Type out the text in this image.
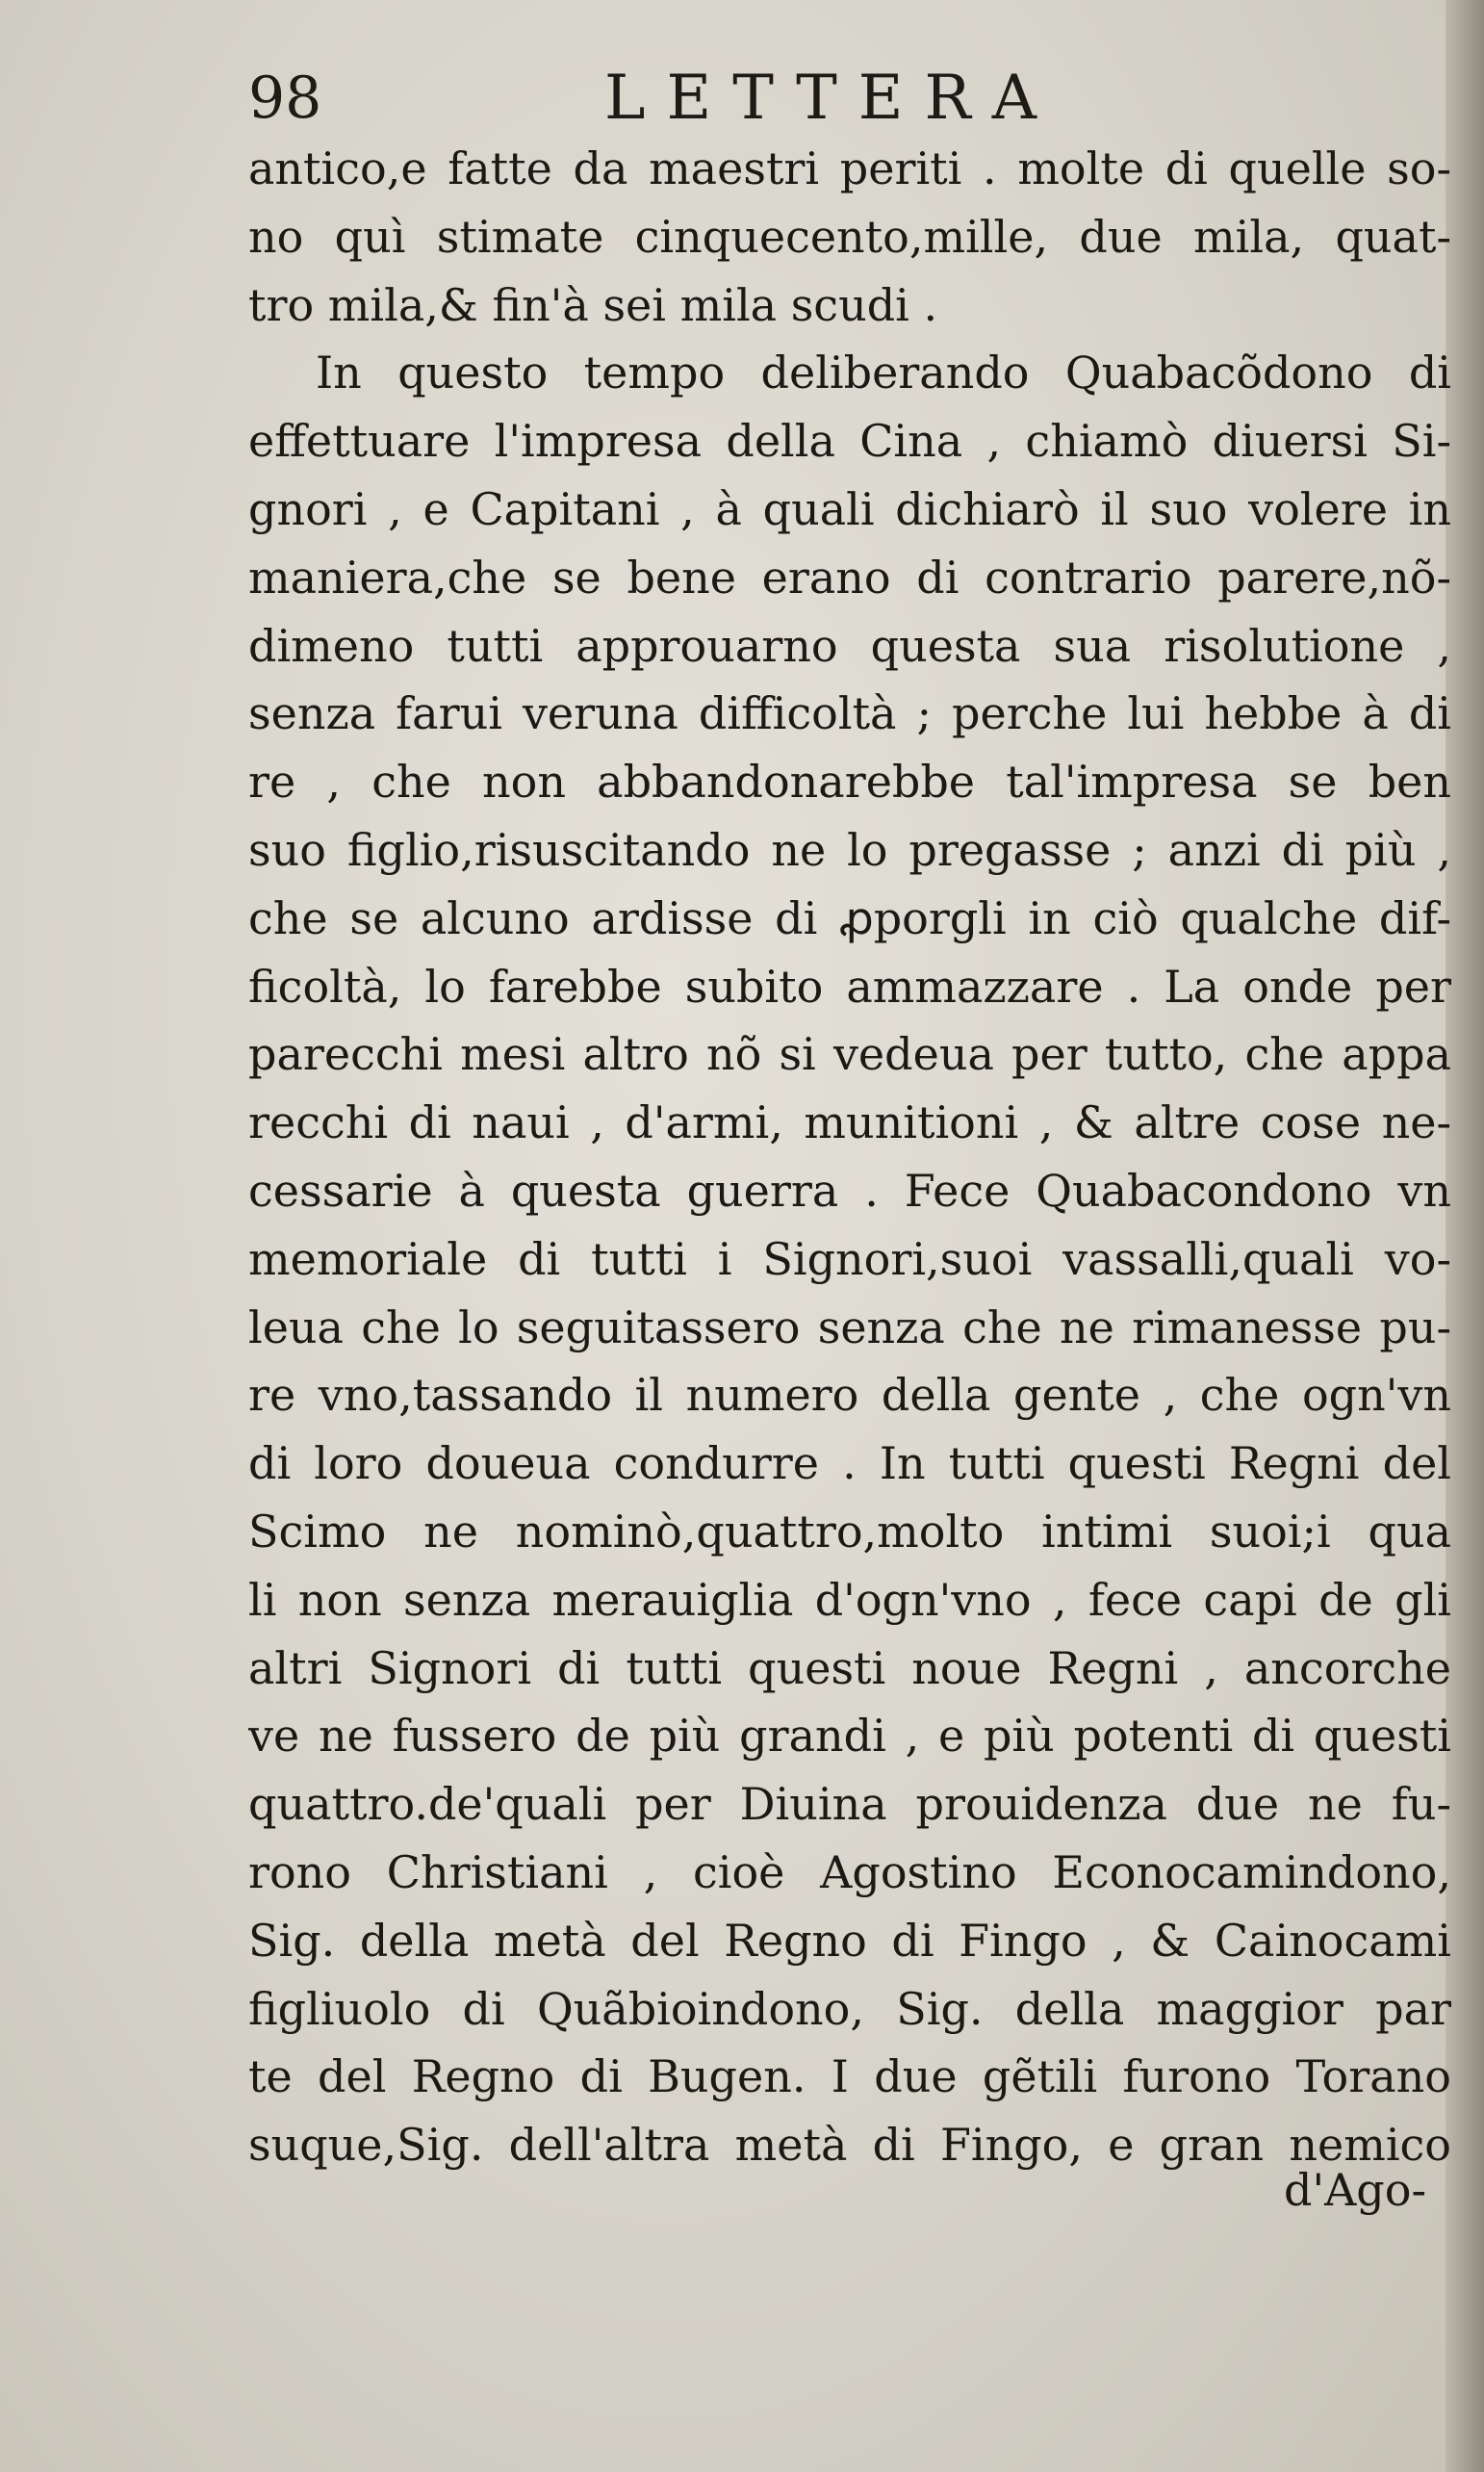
98	LETTERA
antico,e fatte da maestri periti . molte di quelle so-
no quì stimate cinquecento,mille, due mila, quat-
tro mila,& fin'à sei mila scudi .
In questo tempo deliberando Quabacõdono di
effettuare l'impresa della Cina , chiamò diuersi Si-
gnori , e Capitani , à quali dichiarò il suo volere in
maniera,che se bene erano di contrario parere,nõ-
dimeno tutti approuarno questa sua risolutione ,
senza farui veruna difficoltà ; perche lui hebbe à di
re , che non abbandonarebbe tal'impresa se ben
suo figlio,risuscitando ne lo pregasse ; anzi di più ,
che se alcuno ardisse di ꝓporgli in ciò qualche dif-
ficoltà, lo farebbe subito ammazzare . La onde per
parecchi mesi altro nõ si vedeua per tutto, che appa
recchi di naui , d'armi, munitioni , & altre cose ne-
cessarie à questa guerra . Fece Quabacondono vn
memoriale di tutti i Signori,suoi vassalli,quali vo-
leua che lo seguitassero senza che ne rimanesse pu-
re vno,tassando il numero della gente , che ogn'vn
di loro doueua condurre . In tutti questi Regni del
Scimo ne nominò,quattro,molto intimi suoi;i qua
li non senza merauiglia d'ogn'vno , fece capi de gli
altri Signori di tutti questi noue Regni , ancorche
ve ne fussero de più grandi , e più potenti di questi
quattro.de'quali per Diuina prouidenza due ne fu-
rono Christiani , cioè Agostino Econocamindono,
Sig. della metà del Regno di Fingo , & Cainocami
figliuolo di Quãbioindono, Sig. della maggior par
te del Regno di Bugen. I due gẽtili furono Torano
suque,Sig. dell'altra metà di Fingo, e gran nemico
d'Ago-
